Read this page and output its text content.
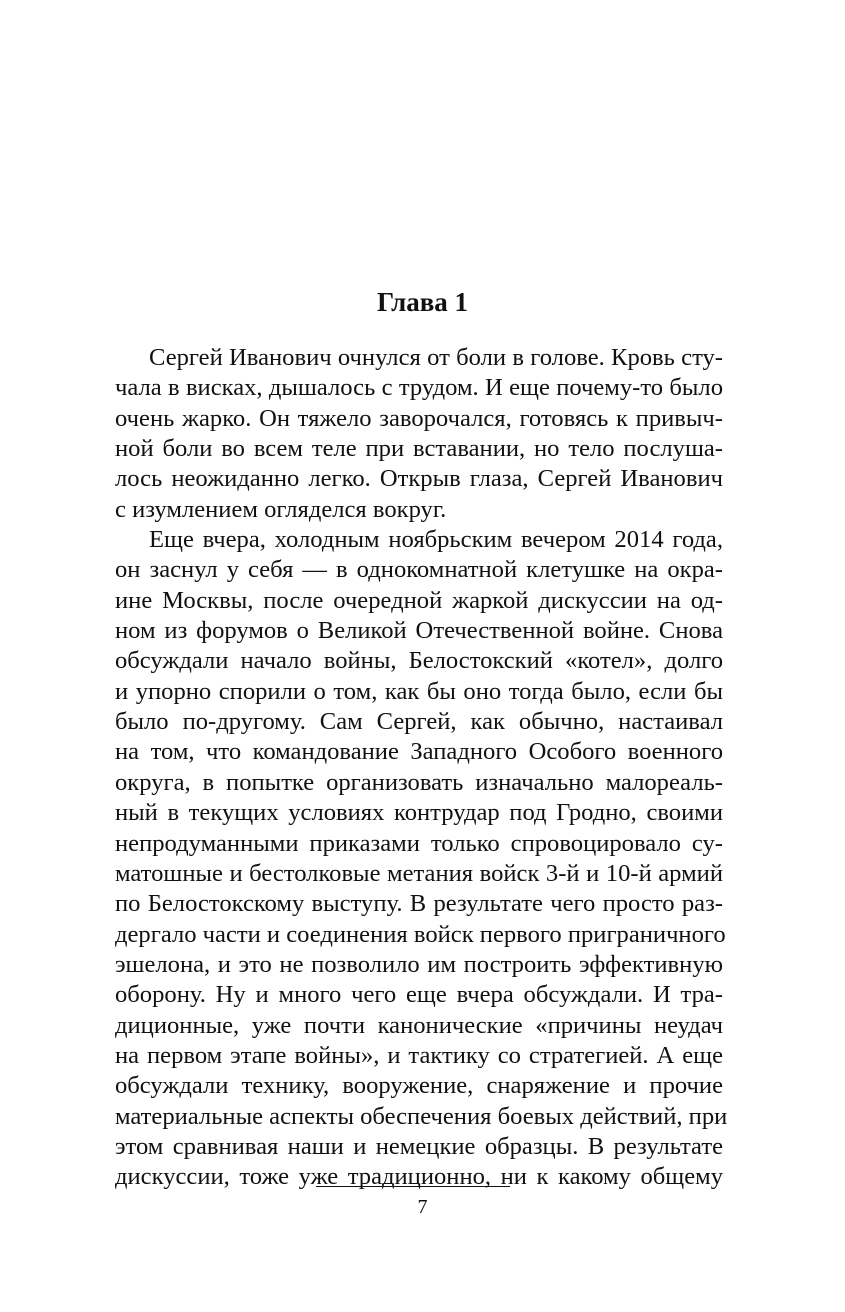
Глава 1
Сергей Иванович очнулся от боли в голове. Кровь сту-
чала в висках, дышалось с трудом. И еще почему-то было
очень жарко. Он тяжело заворочался, готовясь к привыч-
ной боли во всем теле при вставании, но тело послуша-
лось неожиданно легко. Открыв глаза, Сергей Иванович
с изумлением огляделся вокруг.
Еще вчера, холодным ноябрьским вечером 2014 года,
он заснул у себя — в однокомнатной клетушке на окра-
ине Москвы, после очередной жаркой дискуссии на од-
ном из форумов о Великой Отечественной войне. Снова
обсуждали начало войны, Белостокский «котел», долго
и упорно спорили о том, как бы оно тогда было, если бы
было по-другому. Сам Сергей, как обычно, настаивал
на том, что командование Западного Особого военного
округа, в попытке организовать изначально малореаль-
ный в текущих условиях контрудар под Гродно, своими
непродуманными приказами только спровоцировало су-
матошные и бестолковые метания войск 3-й и 10-й армий
по Белостокскому выступу. В результате чего просто раз-
дергало части и соединения войск первого приграничного
эшелона, и это не позволило им построить эффективную
оборону. Ну и много чего еще вчера обсуждали. И тра-
диционные, уже почти канонические «причины неудач
на первом этапе войны», и тактику со стратегией. А еще
обсуждали технику, вооружение, снаряжение и прочие
материальные аспекты обеспечения боевых действий, при
этом сравнивая наши и немецкие образцы. В результате
дискуссии, тоже уже традиционно, ни к какому общему
7
